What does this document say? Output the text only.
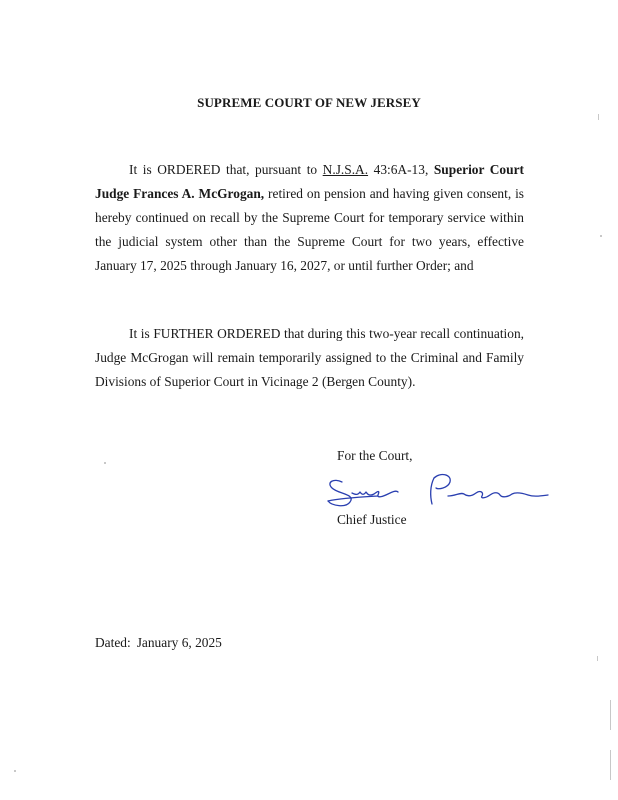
SUPREME COURT OF NEW JERSEY

It is ORDERED that, pursuant to N.J.S.A. 43:6A-13, Superior Court Judge Frances A. McGrogan, retired on pension and having given consent, is hereby continued on recall by the Supreme Court for temporary service within the judicial system other than the Supreme Court for two years, effective January 17, 2025 through January 16, 2027, or until further Order; and

It is FURTHER ORDERED that during this two-year recall continuation, Judge McGrogan will remain temporarily assigned to the Criminal and Family Divisions of Superior Court in Vicinage 2 (Bergen County).

For the Court,
Chief Justice
Dated: January 6, 2025
